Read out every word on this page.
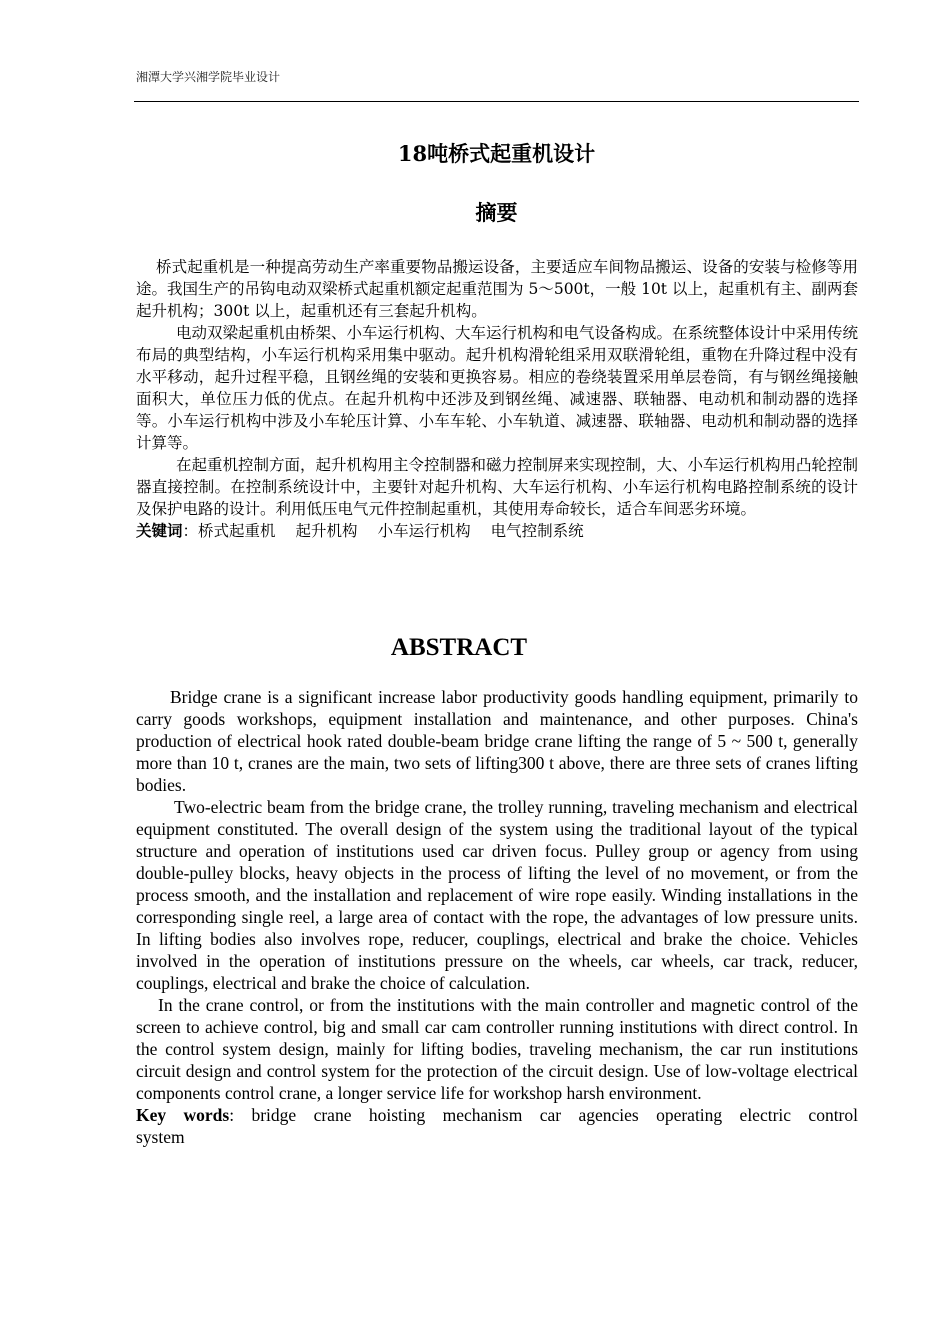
湘潭大学兴湘学院毕业设计
18吨桥式起重机设计
摘要

桥式起重机是一种提高劳动生产率重要物品搬运设备，主要适应车间物品搬运、设备的安装与检修等用途。我国生产的吊钩电动双梁桥式起重机额定起重范围为 5～500t，一般 10t 以上，起重机有主、副两套起升机构；300t 以上，起重机还有三套起升机构。

电动双梁起重机由桥架、小车运行机构、大车运行机构和电气设备构成。在系统整体设计中采用传统布局的典型结构，小车运行机构采用集中驱动。起升机构滑轮组采用双联滑轮组，重物在升降过程中没有水平移动，起升过程平稳，且钢丝绳的安装和更换容易。相应的卷绕装置采用单层卷筒，有与钢丝绳接触面积大，单位压力低的优点。在起升机构中还涉及到钢丝绳、减速器、联轴器、电动机和制动器的选择等。小车运行机构中涉及小车轮压计算、小车车轮、小车轨道、减速器、联轴器、电动机和制动器的选择计算等。

在起重机控制方面，起升机构用主令控制器和磁力控制屏来实现控制，大、小车运行机构用凸轮控制器直接控制。在控制系统设计中，主要针对起升机构、大车运行机构、小车运行机构电路控制系统的设计及保护电路的设计。利用低压电气元件控制起重机，其使用寿命较长，适合车间恶劣环境。

关键词：桥式起重机 起升机构 小车运行机构 电气控制系统

ABSTRACT

Bridge crane is a significant increase labor productivity goods handling equipment, primarily to carry goods workshops, equipment installation and maintenance, and other purposes. China's production of electrical hook rated double-beam bridge crane lifting the range of 5 ~ 500 t, generally more than 10 t, cranes are the main, two sets of lifting300 t above, there are three sets of cranes lifting bodies.

Two-electric beam from the bridge crane, the trolley running, traveling mechanism and electrical equipment constituted. The overall design of the system using the traditional layout of the typical structure and operation of institutions used car driven focus. Pulley group or agency from using double-pulley blocks, heavy objects in the process of lifting the level of no movement, or from the process smooth, and the installation and replacement of wire rope easily. Winding installations in the corresponding single reel, a large area of contact with the rope, the advantages of low pressure units. In lifting bodies also involves rope, reducer, couplings, electrical and brake the choice. Vehicles involved in the operation of institutions pressure on the wheels, car wheels, car track, reducer, couplings, electrical and brake the choice of calculation.

In the crane control, or from the institutions with the main controller and magnetic control of the screen to achieve control, big and small car cam controller running institutions with direct control. In the control system design, mainly for lifting bodies, traveling mechanism, the car run institutions circuit design and control system for the protection of the circuit design. Use of low-voltage electrical components control crane, a longer service life for workshop harsh environment.

Key words: bridge crane hoisting mechanism car agencies operating electric control

system
